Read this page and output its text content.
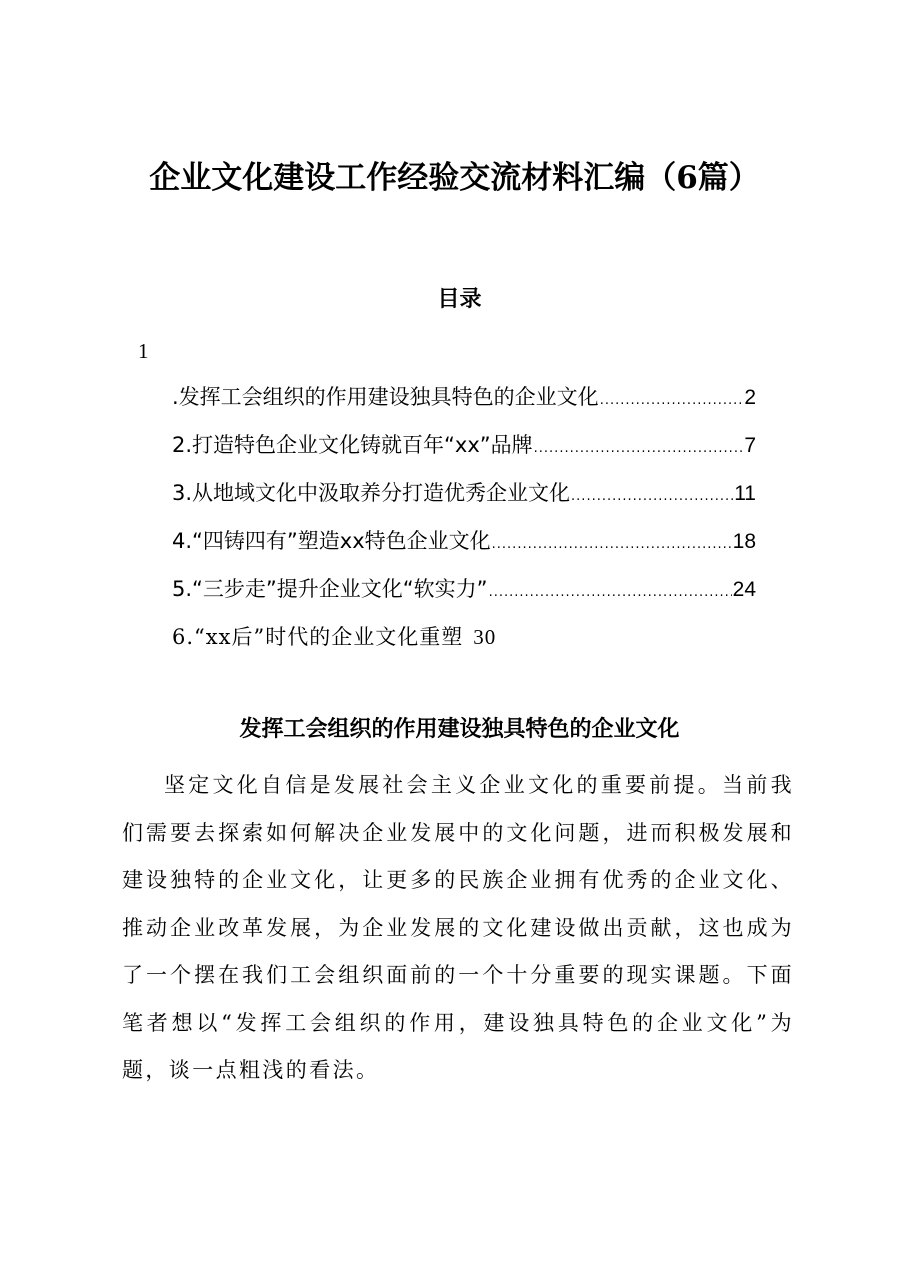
企业文化建设工作经验交流材料汇编（6篇）
目录
1
.发挥工会组织的作用建设独具特色的企业文化 .....	2
2.打造特色企业文化铸就百年“xx”品牌 .....	7
3.从地域文化中汲取养分打造优秀企业文化 .....	11
4.“四铸四有”塑造xx特色企业文化 .....	18
5.“三步走”提升企业文化“软实力” .....	24
6.“xx后”时代的企业文化重塑 30
发挥工会组织的作用建设独具特色的企业文化

坚定文化自信是发展社会主义企业文化的重要前提。当前我们需要去探索如何解决企业发展中的文化问题，进而积极发展和建设独特的企业文化，让更多的民族企业拥有优秀的企业文化、推动企业改革发展，为企业发展的文化建设做出贡献，这也成为了一个摆在我们工会组织面前的一个十分重要的现实课题。下面笔者想以“发挥工会组织的作用，建设独具特色的企业文化”为题，谈一点粗浅的看法。
